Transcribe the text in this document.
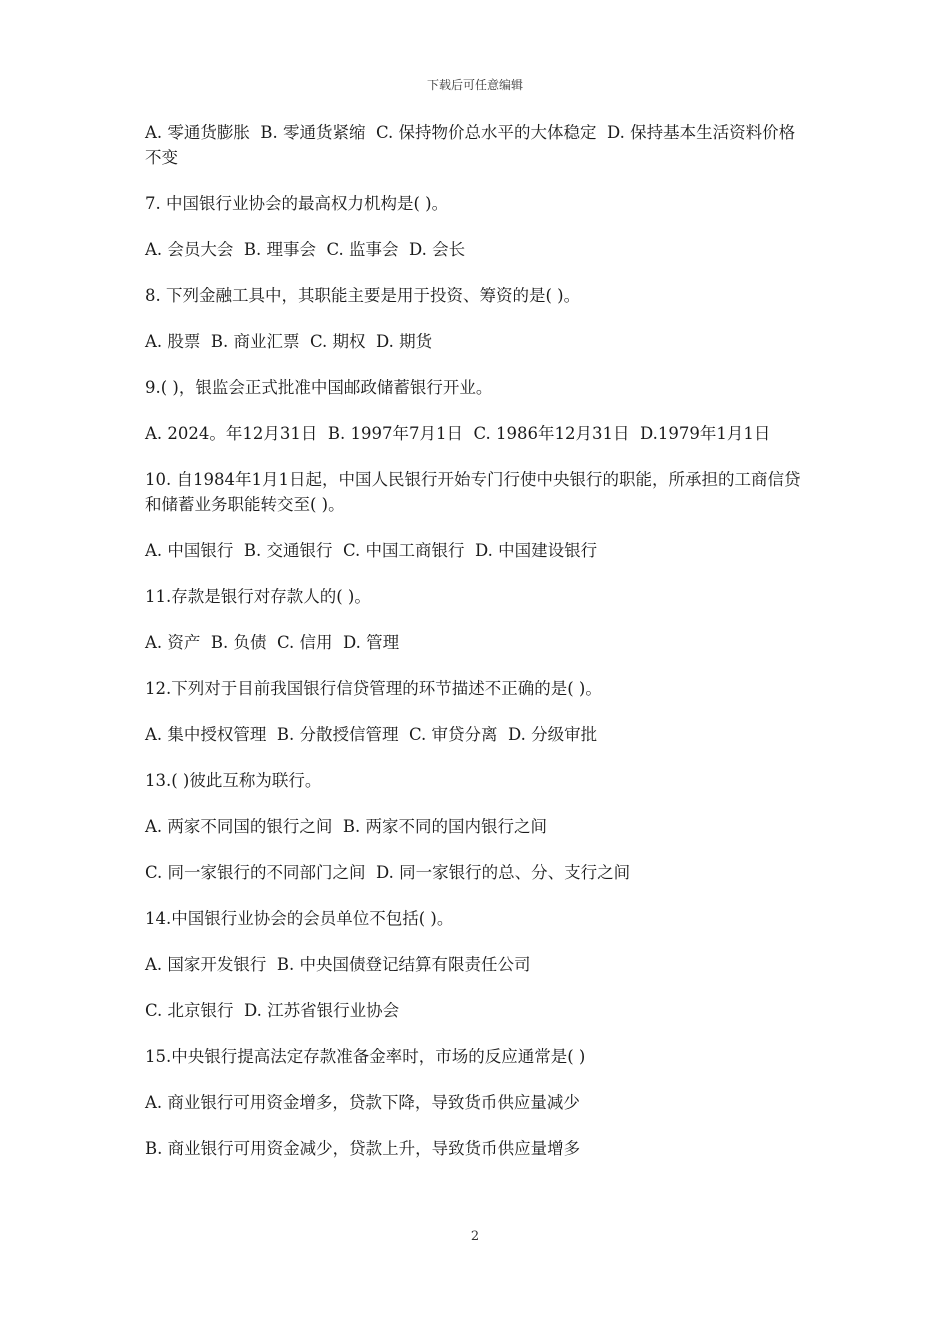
下载后可任意编辑

A. 零通货膨胀  B. 零通货紧缩  C. 保持物价总水平的大体稳定  D. 保持基本生活资料价格不变

7. 中国银行业协会的最高权力机构是( )。

A. 会员大会  B. 理事会  C. 监事会  D. 会长

8. 下列金融工具中，其职能主要是用于投资、筹资的是( )。

A. 股票  B. 商业汇票  C. 期权  D. 期货

9.( )，银监会正式批准中国邮政储蓄银行开业。

A. 2024。年12月31日  B. 1997年7月1日  C. 1986年12月31日  D.1979年1月1日

10. 自1984年1月1日起，中国人民银行开始专门行使中央银行的职能，所承担的工商信贷和储蓄业务职能转交至( )。

A. 中国银行  B. 交通银行  C. 中国工商银行  D. 中国建设银行

11.存款是银行对存款人的( )。

A. 资产  B. 负债  C. 信用  D. 管理

12.下列对于目前我国银行信贷管理的环节描述不正确的是( )。

A. 集中授权管理  B. 分散授信管理  C. 审贷分离  D. 分级审批

13.( )彼此互称为联行。

A. 两家不同国的银行之间  B. 两家不同的国内银行之间

C. 同一家银行的不同部门之间  D. 同一家银行的总、分、支行之间

14.中国银行业协会的会员单位不包括( )。

A. 国家开发银行  B. 中央国债登记结算有限责任公司

C. 北京银行  D. 江苏省银行业协会

15.中央银行提高法定存款准备金率时，市场的反应通常是( )

A. 商业银行可用资金增多，贷款下降，导致货币供应量减少

B. 商业银行可用资金减少，贷款上升，导致货币供应量增多

2
